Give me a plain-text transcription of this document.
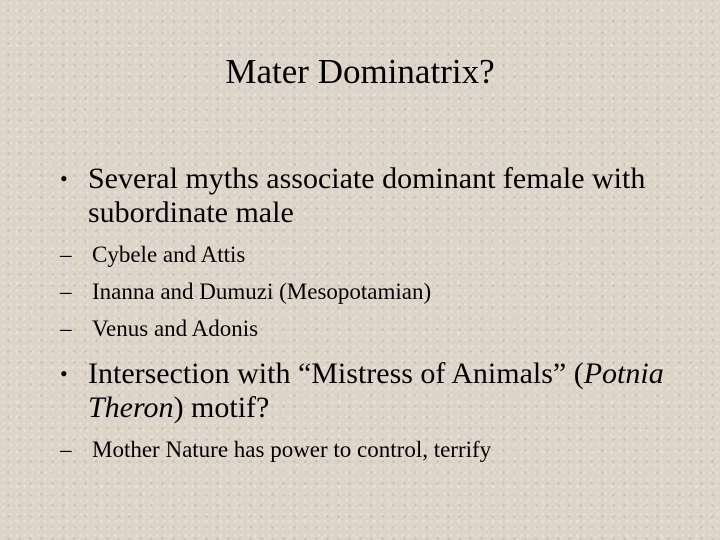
Mater Dominatrix?
• Several myths associate dominant female with subordinate male
– Cybele and Attis
– Inanna and Dumuzi (Mesopotamian)
– Venus and Adonis
• Intersection with “Mistress of Animals” (Potnia Theron) motif?
– Mother Nature has power to control, terrify
